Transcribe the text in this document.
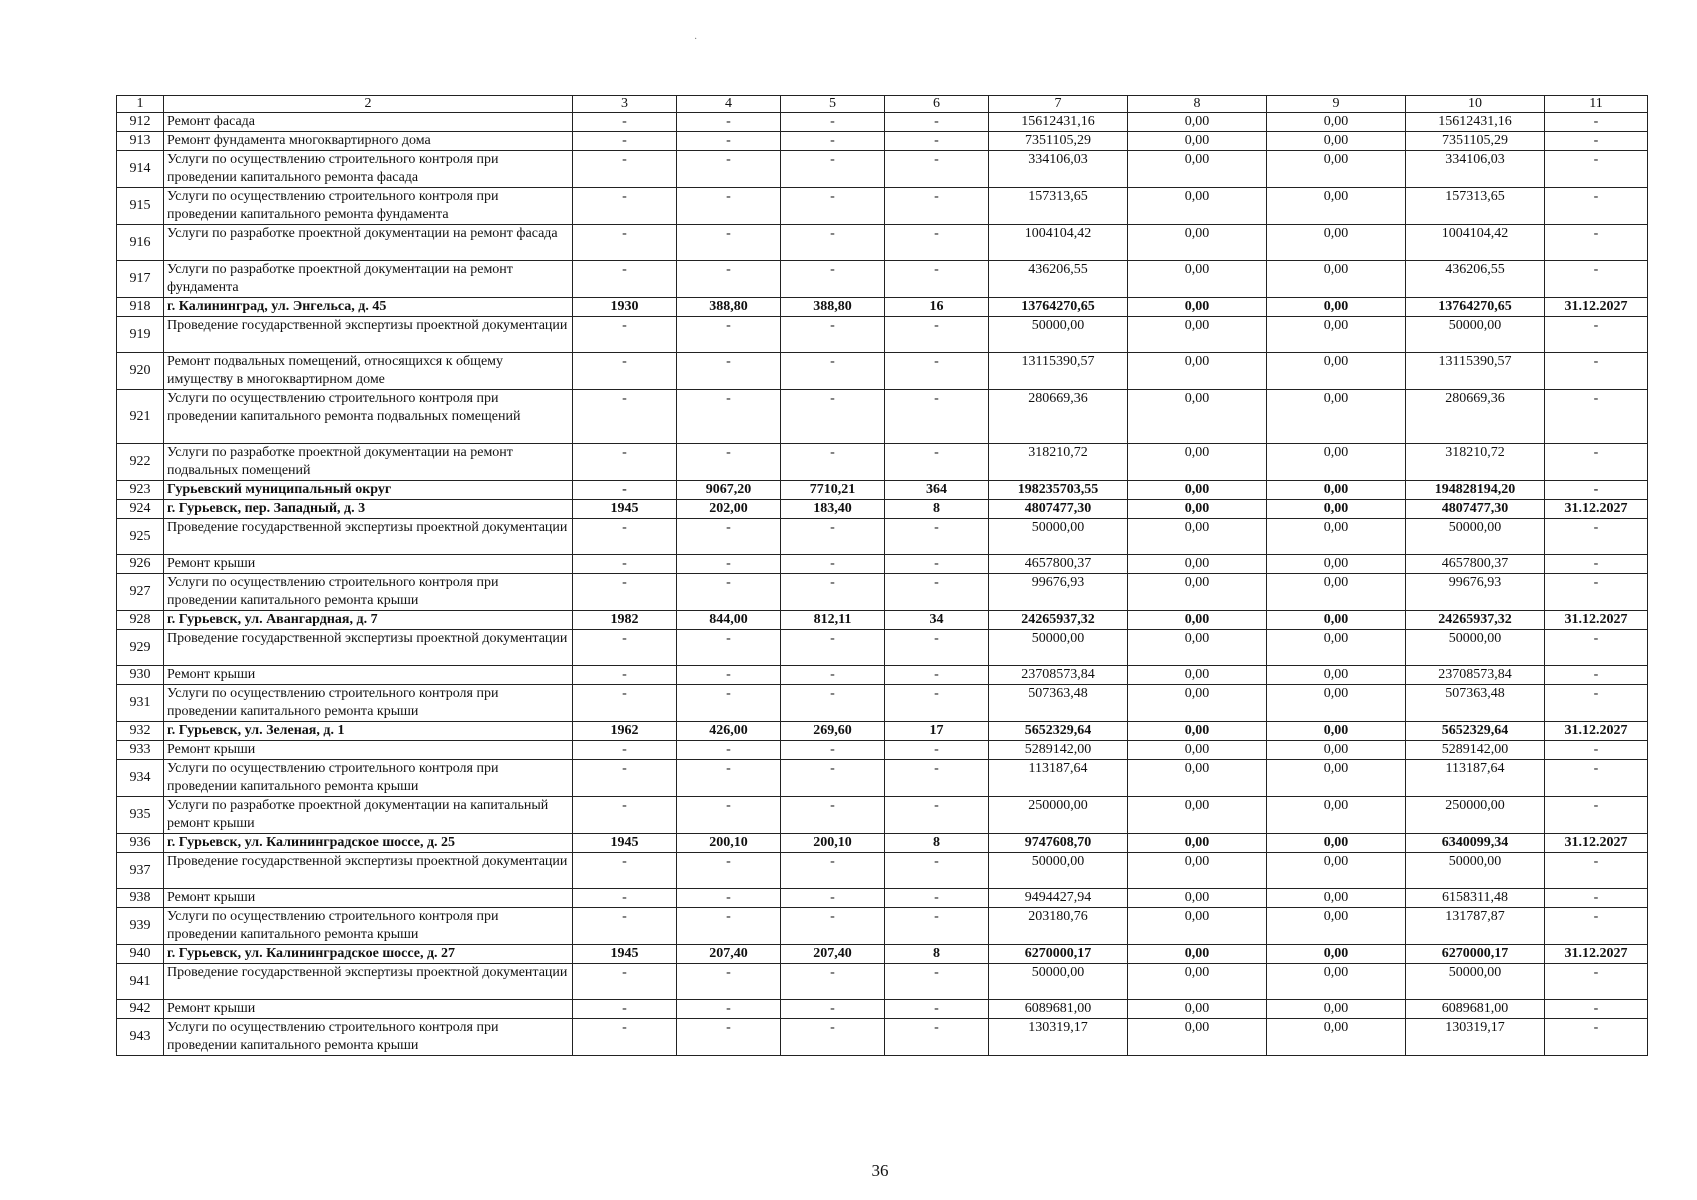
·
1	2	3	4	5	6	7	8	9	10	11
912	Ремонт фасада	-	-	-	-	15612431,16	0,00	0,00	15612431,16	-
913	Ремонт фундамента многоквартирного дома	-	-	-	-	7351105,29	0,00	0,00	7351105,29	-
914	Услуги по осуществлению строительного контроля при проведении капитального ремонта фасада	-	-	-	-	334106,03	0,00	0,00	334106,03	-
915	Услуги по осуществлению строительного контроля при проведении капитального ремонта фундамента	-	-	-	-	157313,65	0,00	0,00	157313,65	-
916	Услуги по разработке проектной документации на ремонт фасада	-	-	-	-	1004104,42	0,00	0,00	1004104,42	-
917	Услуги по разработке проектной документации на ремонт фундамента	-	-	-	-	436206,55	0,00	0,00	436206,55	-
918	г. Калининград, ул. Энгельса, д. 45	1930	388,80	388,80	16	13764270,65	0,00	0,00	13764270,65	31.12.2027
919	Проведение государственной экспертизы проектной документации	-	-	-	-	50000,00	0,00	0,00	50000,00	-
920	Ремонт подвальных помещений, относящихся к общему имуществу в многоквартирном доме	-	-	-	-	13115390,57	0,00	0,00	13115390,57	-
921	Услуги по осуществлению строительного контроля при проведении капитального ремонта подвальных помещений	-	-	-	-	280669,36	0,00	0,00	280669,36	-
922	Услуги по разработке проектной документации на ремонт подвальных помещений	-	-	-	-	318210,72	0,00	0,00	318210,72	-
923	Гурьевский муниципальный округ	-	9067,20	7710,21	364	198235703,55	0,00	0,00	194828194,20	-
924	г. Гурьевск, пер. Западный, д. 3	1945	202,00	183,40	8	4807477,30	0,00	0,00	4807477,30	31.12.2027
925	Проведение государственной экспертизы проектной документации	-	-	-	-	50000,00	0,00	0,00	50000,00	-
926	Ремонт крыши	-	-	-	-	4657800,37	0,00	0,00	4657800,37	-
927	Услуги по осуществлению строительного контроля при проведении капитального ремонта крыши	-	-	-	-	99676,93	0,00	0,00	99676,93	-
928	г. Гурьевск, ул. Авангардная, д. 7	1982	844,00	812,11	34	24265937,32	0,00	0,00	24265937,32	31.12.2027
929	Проведение государственной экспертизы проектной документации	-	-	-	-	50000,00	0,00	0,00	50000,00	-
930	Ремонт крыши	-	-	-	-	23708573,84	0,00	0,00	23708573,84	-
931	Услуги по осуществлению строительного контроля при проведении капитального ремонта крыши	-	-	-	-	507363,48	0,00	0,00	507363,48	-
932	г. Гурьевск, ул. Зеленая, д. 1	1962	426,00	269,60	17	5652329,64	0,00	0,00	5652329,64	31.12.2027
933	Ремонт крыши	-	-	-	-	5289142,00	0,00	0,00	5289142,00	-
934	Услуги по осуществлению строительного контроля при проведении капитального ремонта крыши	-	-	-	-	113187,64	0,00	0,00	113187,64	-
935	Услуги по разработке проектной документации на капитальный ремонт крыши	-	-	-	-	250000,00	0,00	0,00	250000,00	-
936	г. Гурьевск, ул. Калининградское шоссе, д. 25	1945	200,10	200,10	8	9747608,70	0,00	0,00	6340099,34	31.12.2027
937	Проведение государственной экспертизы проектной документации	-	-	-	-	50000,00	0,00	0,00	50000,00	-
938	Ремонт крыши	-	-	-	-	9494427,94	0,00	0,00	6158311,48	-
939	Услуги по осуществлению строительного контроля при проведении капитального ремонта крыши	-	-	-	-	203180,76	0,00	0,00	131787,87	-
940	г. Гурьевск, ул. Калининградское шоссе, д. 27	1945	207,40	207,40	8	6270000,17	0,00	0,00	6270000,17	31.12.2027
941	Проведение государственной экспертизы проектной документации	-	-	-	-	50000,00	0,00	0,00	50000,00	-
942	Ремонт крыши	-	-	-	-	6089681,00	0,00	0,00	6089681,00	-
943	Услуги по осуществлению строительного контроля при проведении капитального ремонта крыши	-	-	-	-	130319,17	0,00	0,00	130319,17	-
36
